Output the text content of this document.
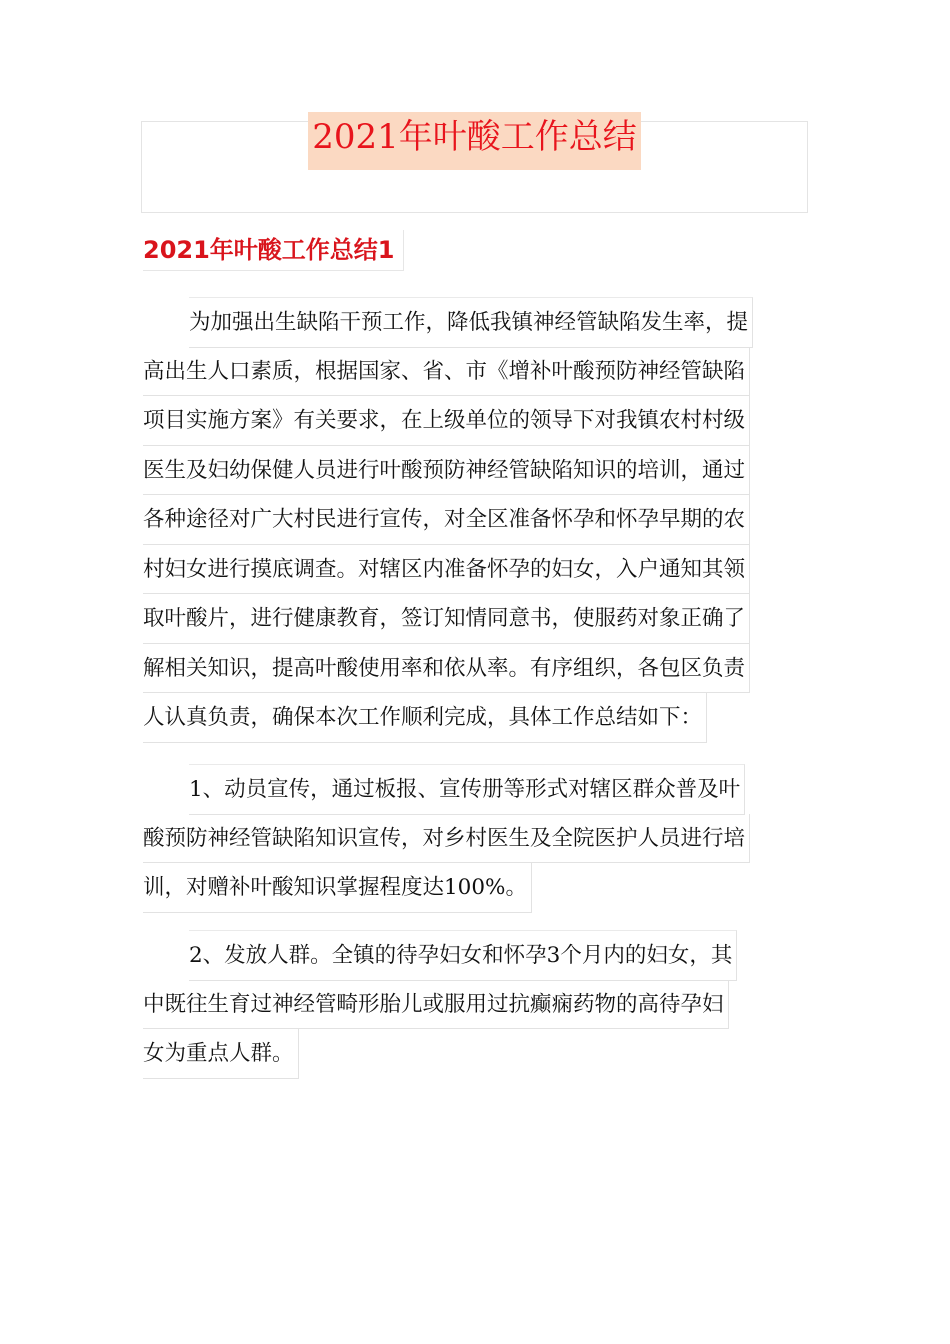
2021年叶酸工作总结
2021年叶酸工作总结1
为加强出生缺陷干预工作，降低我镇神经管缺陷发生率，提
高出生人口素质，根据国家、省、市《增补叶酸预防神经管缺陷
项目实施方案》有关要求，在上级单位的领导下对我镇农村村级
医生及妇幼保健人员进行叶酸预防神经管缺陷知识的培训，通过
各种途径对广大村民进行宣传，对全区准备怀孕和怀孕早期的农
村妇女进行摸底调查。对辖区内准备怀孕的妇女，入户通知其领
取叶酸片，进行健康教育，签订知情同意书，使服药对象正确了
解相关知识，提高叶酸使用率和依从率。有序组织，各包区负责
人认真负责，确保本次工作顺利完成，具体工作总结如下：
1、动员宣传，通过板报、宣传册等形式对辖区群众普及叶
酸预防神经管缺陷知识宣传，对乡村医生及全院医护人员进行培
训，对赠补叶酸知识掌握程度达100%。
2、发放人群。全镇的待孕妇女和怀孕3个月内的妇女，其
中既往生育过神经管畸形胎儿或服用过抗癫痫药物的高待孕妇
女为重点人群。
